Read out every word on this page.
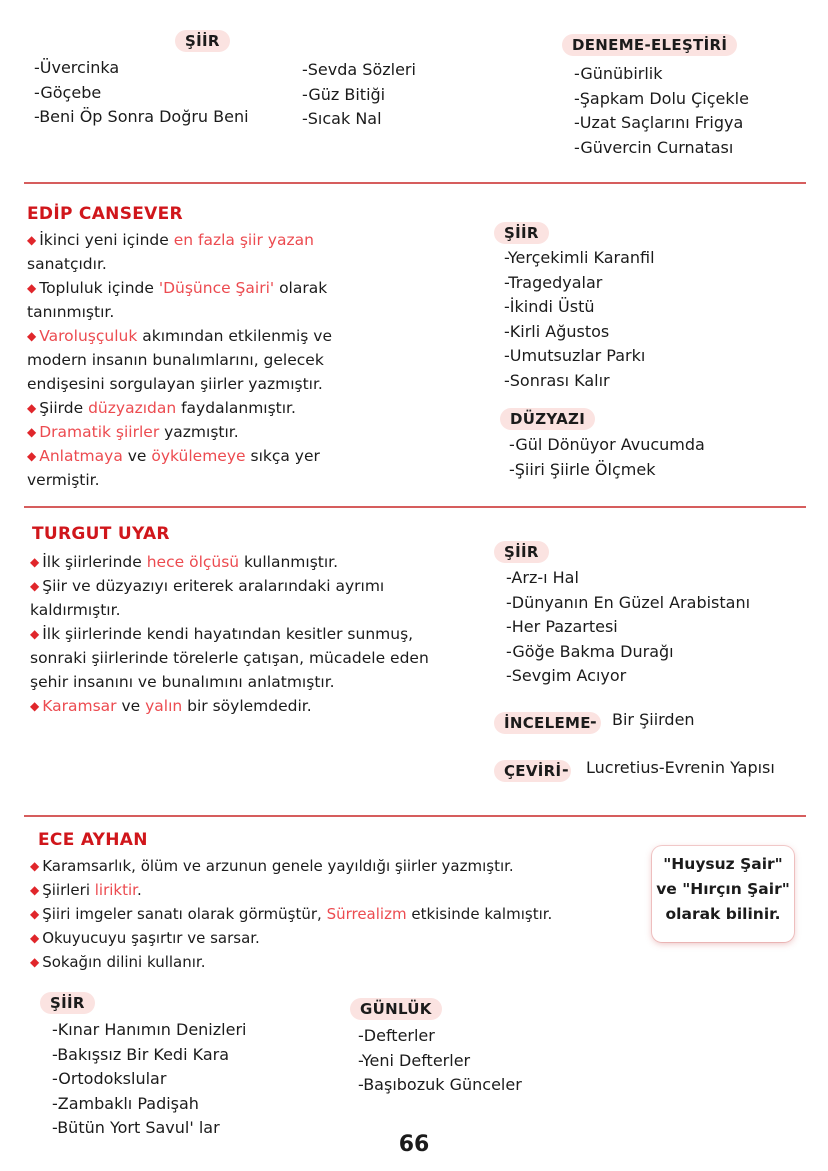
ŞİİR
-Üvercinka
-Göçebe
-Beni Öp Sonra Doğru Beni
-Sevda Sözleri
-Güz Bitiği
-Sıcak Nal
DENEME-ELEŞTİRİ
-Günübirlik
-Şapkam Dolu Çiçekle
-Uzat Saçlarını Frigya
-Güvercin Curnatası
EDİP CANSEVER

◆ İkinci yeni içinde en fazla şiir yazan sanatçıdır.

◆ Topluluk içinde 'Düşünce Şairi' olarak tanınmıştır.

◆ Varoluşçuluk akımından etkilenmiş ve modern insanın bunalımlarını, gelecek endişesini sorgulayan şiirler yazmıştır.

◆ Şiirde düzyazıdan faydalanmıştır.

◆ Dramatik şiirler yazmıştır.

◆ Anlatmaya ve öykülemeye sıkça yer vermiştir.

ŞİİR
-Yerçekimli Karanfil
-Tragedyalar
-İkindi Üstü
-Kirli Ağustos
-Umutsuzlar Parkı
-Sonrası Kalır
DÜZYAZI
-Gül Dönüyor Avucumda
-Şiiri Şiirle Ölçmek
TURGUT UYAR

◆ İlk şiirlerinde hece ölçüsü kullanmıştır.

◆ Şiir ve düzyazıyı eriterek aralarındaki ayrımı kaldırmıştır.

◆ İlk şiirlerinde kendi hayatından kesitler sunmuş, sonraki şiirlerinde törelerle çatışan, mücadele eden şehir insanını ve bunalımını anlatmıştır.

◆ Karamsar ve yalın bir söylemdedir.

ŞİİR
-Arz-ı Hal
-Dünyanın En Güzel Arabistanı
-Her Pazartesi
-Göğe Bakma Durağı
-Sevgim Acıyor
İNCELEME - Bir Şiirden
ÇEVİRİ - Lucretius-Evrenin Yapısı
ECE AYHAN

◆ Karamsarlık, ölüm ve arzunun genele yayıldığı şiirler yazmıştır.

◆ Şiirleri liriktir.

◆ Şiiri imgeler sanatı olarak görmüştür, Sürrealizm etkisinde kalmıştır.

◆ Okuyucuyu şaşırtır ve sarsar.

◆ Sokağın dilini kullanır.

"Huysuz Şair"
ve "Hırçın Şair"
olarak bilinir.
ŞİİR
-Kınar Hanımın Denizleri
-Bakışsız Bir Kedi Kara
-Ortodokslular
-Zambaklı Padişah
-Bütün Yort Savul' lar
GÜNLÜK
-Defterler
-Yeni Defterler
-Başıbozuk Günceler
66
